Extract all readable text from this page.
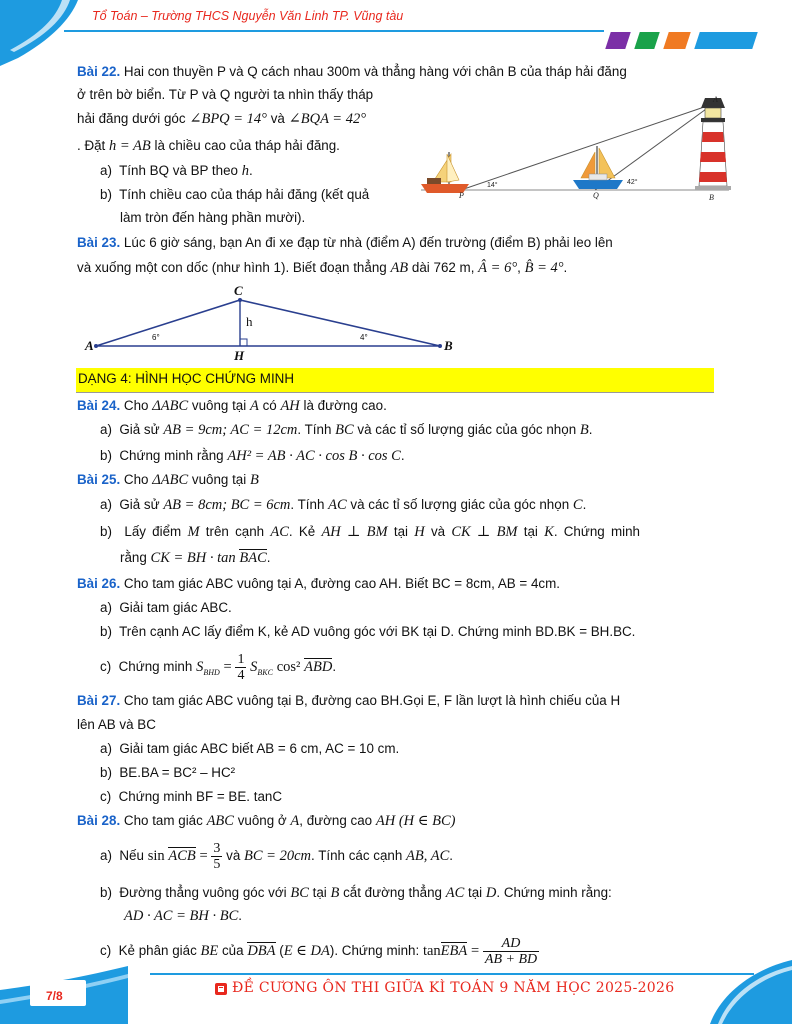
Tổ Toán – Trường THCS Nguyễn Văn Linh TP. Vũng tàu
Bài 22. Hai con thuyền P và Q cách nhau 300m và thẳng hàng với chân B của tháp hải đăng
ở trên bờ biển. Từ P và Q người ta nhìn thấy tháp
hải đăng dưới góc ∠BPQ = 14° và ∠BQA = 42°
. Đặt h = AB là chiều cao của tháp hải đăng.
a) Tính BQ và BP theo h.
b) Tính chiều cao của tháp hải đăng (kết quả
làm tròn đến hàng phần mười).
A
B
P	Q
14°	42°
Bài 23. Lúc 6 giờ sáng, bạn An đi xe đạp từ nhà (điểm A) đến trường (điểm B) phải leo lên
và xuống một con dốc (như hình 1). Biết đoạn thẳng AB dài 762 m, Â = 6°, B̂ = 4°.
A
C
B
H
h
6°	4°
DẠNG 4: HÌNH HỌC CHỨNG MINH
Bài 24. Cho ΔABC vuông tại A có AH là đường cao.
a) Giả sử AB = 9cm; AC = 12cm. Tính BC và các tỉ số lượng giác của góc nhọn B.
b) Chứng minh rằng AH² = AB · AC · cos B · cos C.
Bài 25. Cho ΔABC vuông tại B
a) Giả sử AB = 8cm; BC = 6cm. Tính AC và các tỉ số lượng giác của góc nhọn C.
b) Lấy điểm M trên cạnh AC. Kẻ AH ⊥ BM tại H và CK ⊥ BM tại K. Chứng minh
rằng CK = BH · tan BAC.
Bài 26. Cho tam giác ABC vuông tại A, đường cao AH. Biết BC = 8cm, AB = 4cm.
a) Giải tam giác ABC.
b) Trên cạnh AC lấy điểm K, kẻ AD vuông góc với BK tại D. Chứng minh BD.BK = BH.BC.
c) Chứng minh $S_{BHD} = \frac{1}{4} S_{BKC}$ cos² ABD.
Bài 27. Cho tam giác ABC vuông tại B, đường cao BH.Gọi E, F lần lượt là hình chiếu của H
lên AB và BC
a) Giải tam giác ABC biết AB = 6 cm, AC = 10 cm.
b) BE.BA = BC² – HC²
c) Chứng minh BF = BE. tanC
Bài 28. Cho tam giác ABC vuông ở A, đường cao AH (H ∈ BC)
a) Nếu sin ACB = $\frac{3}{5}$ và BC = 20cm. Tính các cạnh AB, AC.
b) Đường thẳng vuông góc với BC tại B cắt đường thẳng AC tại D. Chứng minh rằng:
AD · AC = BH · BC.
c) Kẻ phân giác BE của DBA (E ∈ DA). Chứng minh: tanEBA = $\frac{AD}{AB + BD}$
7/8	ĐỀ CƯƠNG ÔN THI GIỮA KÌ TOÁN 9 NĂM HỌC 2025-2026
